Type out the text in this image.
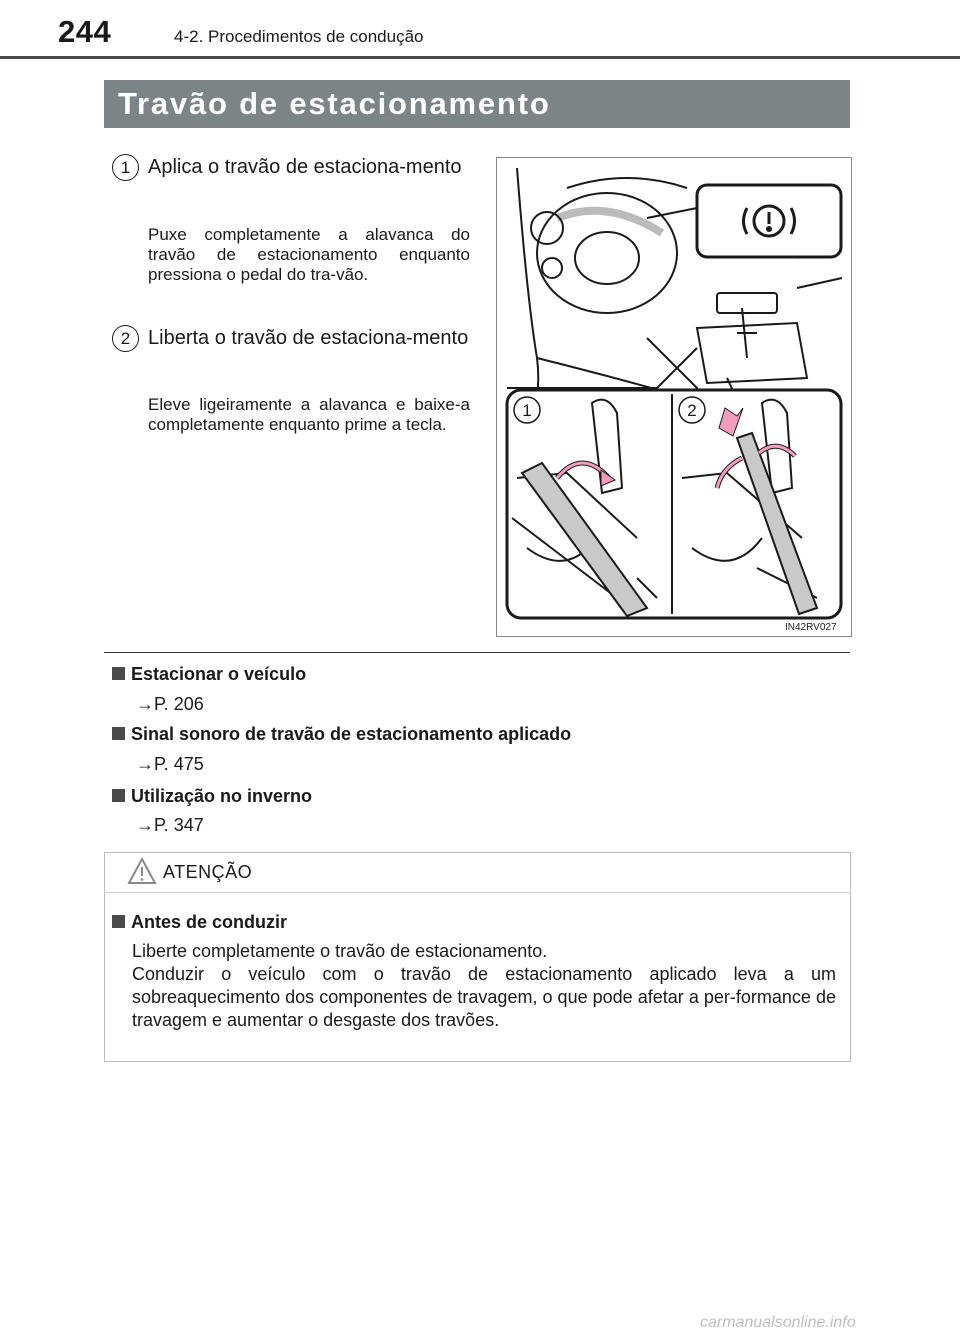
244	4-2. Procedimentos de condução
Travão de estacionamento
1 Aplica o travão de estaciona-mento
Puxe completamente a alavanca do travão de estacionamento enquanto pressiona o pedal do tra-vão.
2 Liberta o travão de estaciona-mento
Eleve ligeiramente a alavanca e baixe-a completamente enquanto prime a tecla.
1	2
IN42RV027
Estacionar o veículo
→P. 206
Sinal sonoro de travão de estacionamento aplicado
→P. 475
Utilização no inverno
→P. 347
ATENÇÃO
Antes de conduzir
Liberte completamente o travão de estacionamento.
Conduzir o veículo com o travão de estacionamento aplicado leva a um sobreaquecimento dos componentes de travagem, o que pode afetar a per-formance de travagem e aumentar o desgaste dos travões.
carmanualsonline.info
